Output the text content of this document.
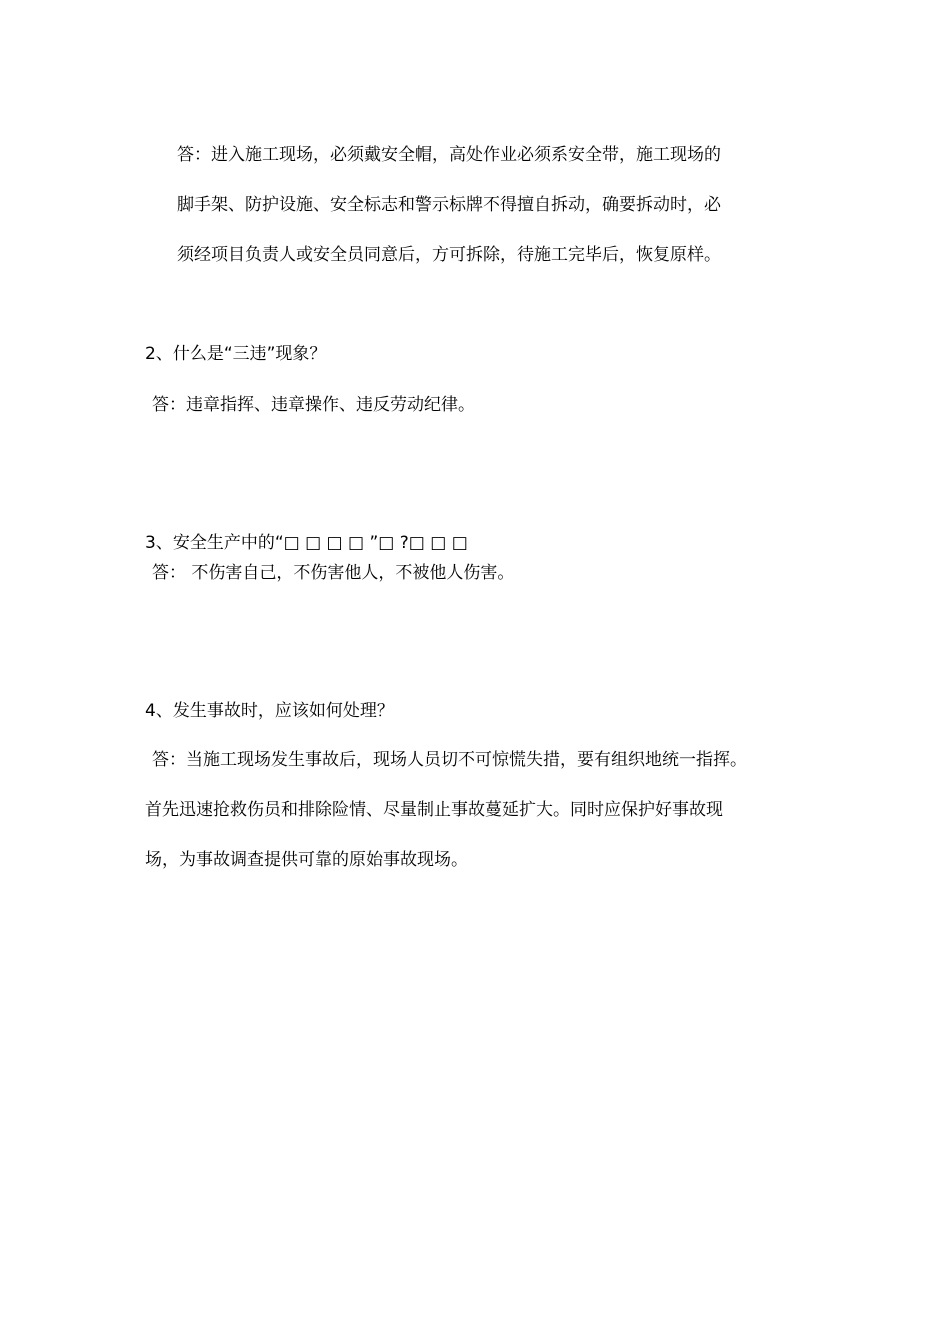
答：进入施工现场，必须戴安全帽，高处作业必须系安全带，施工现场的

脚手架、防护设施、安全标志和警示标牌不得擅自拆动，确要拆动时，必

须经项目负责人或安全员同意后，方可拆除，待施工完毕后，恢复原样。

2、什么是“三违”现象？

答：违章指挥、违章操作、违反劳动纪律。

3、安全生产中的“□ □ □ □ ”□ ?□ □ □

答： 不伤害自己，不伤害他人，不被他人伤害。

4、发生事故时，应该如何处理？

答：当施工现场发生事故后，现场人员切不可惊慌失措，要有组织地统一指挥。

首先迅速抢救伤员和排除险情、尽量制止事故蔓延扩大。同时应保护好事故现

场，为事故调查提供可靠的原始事故现场。
